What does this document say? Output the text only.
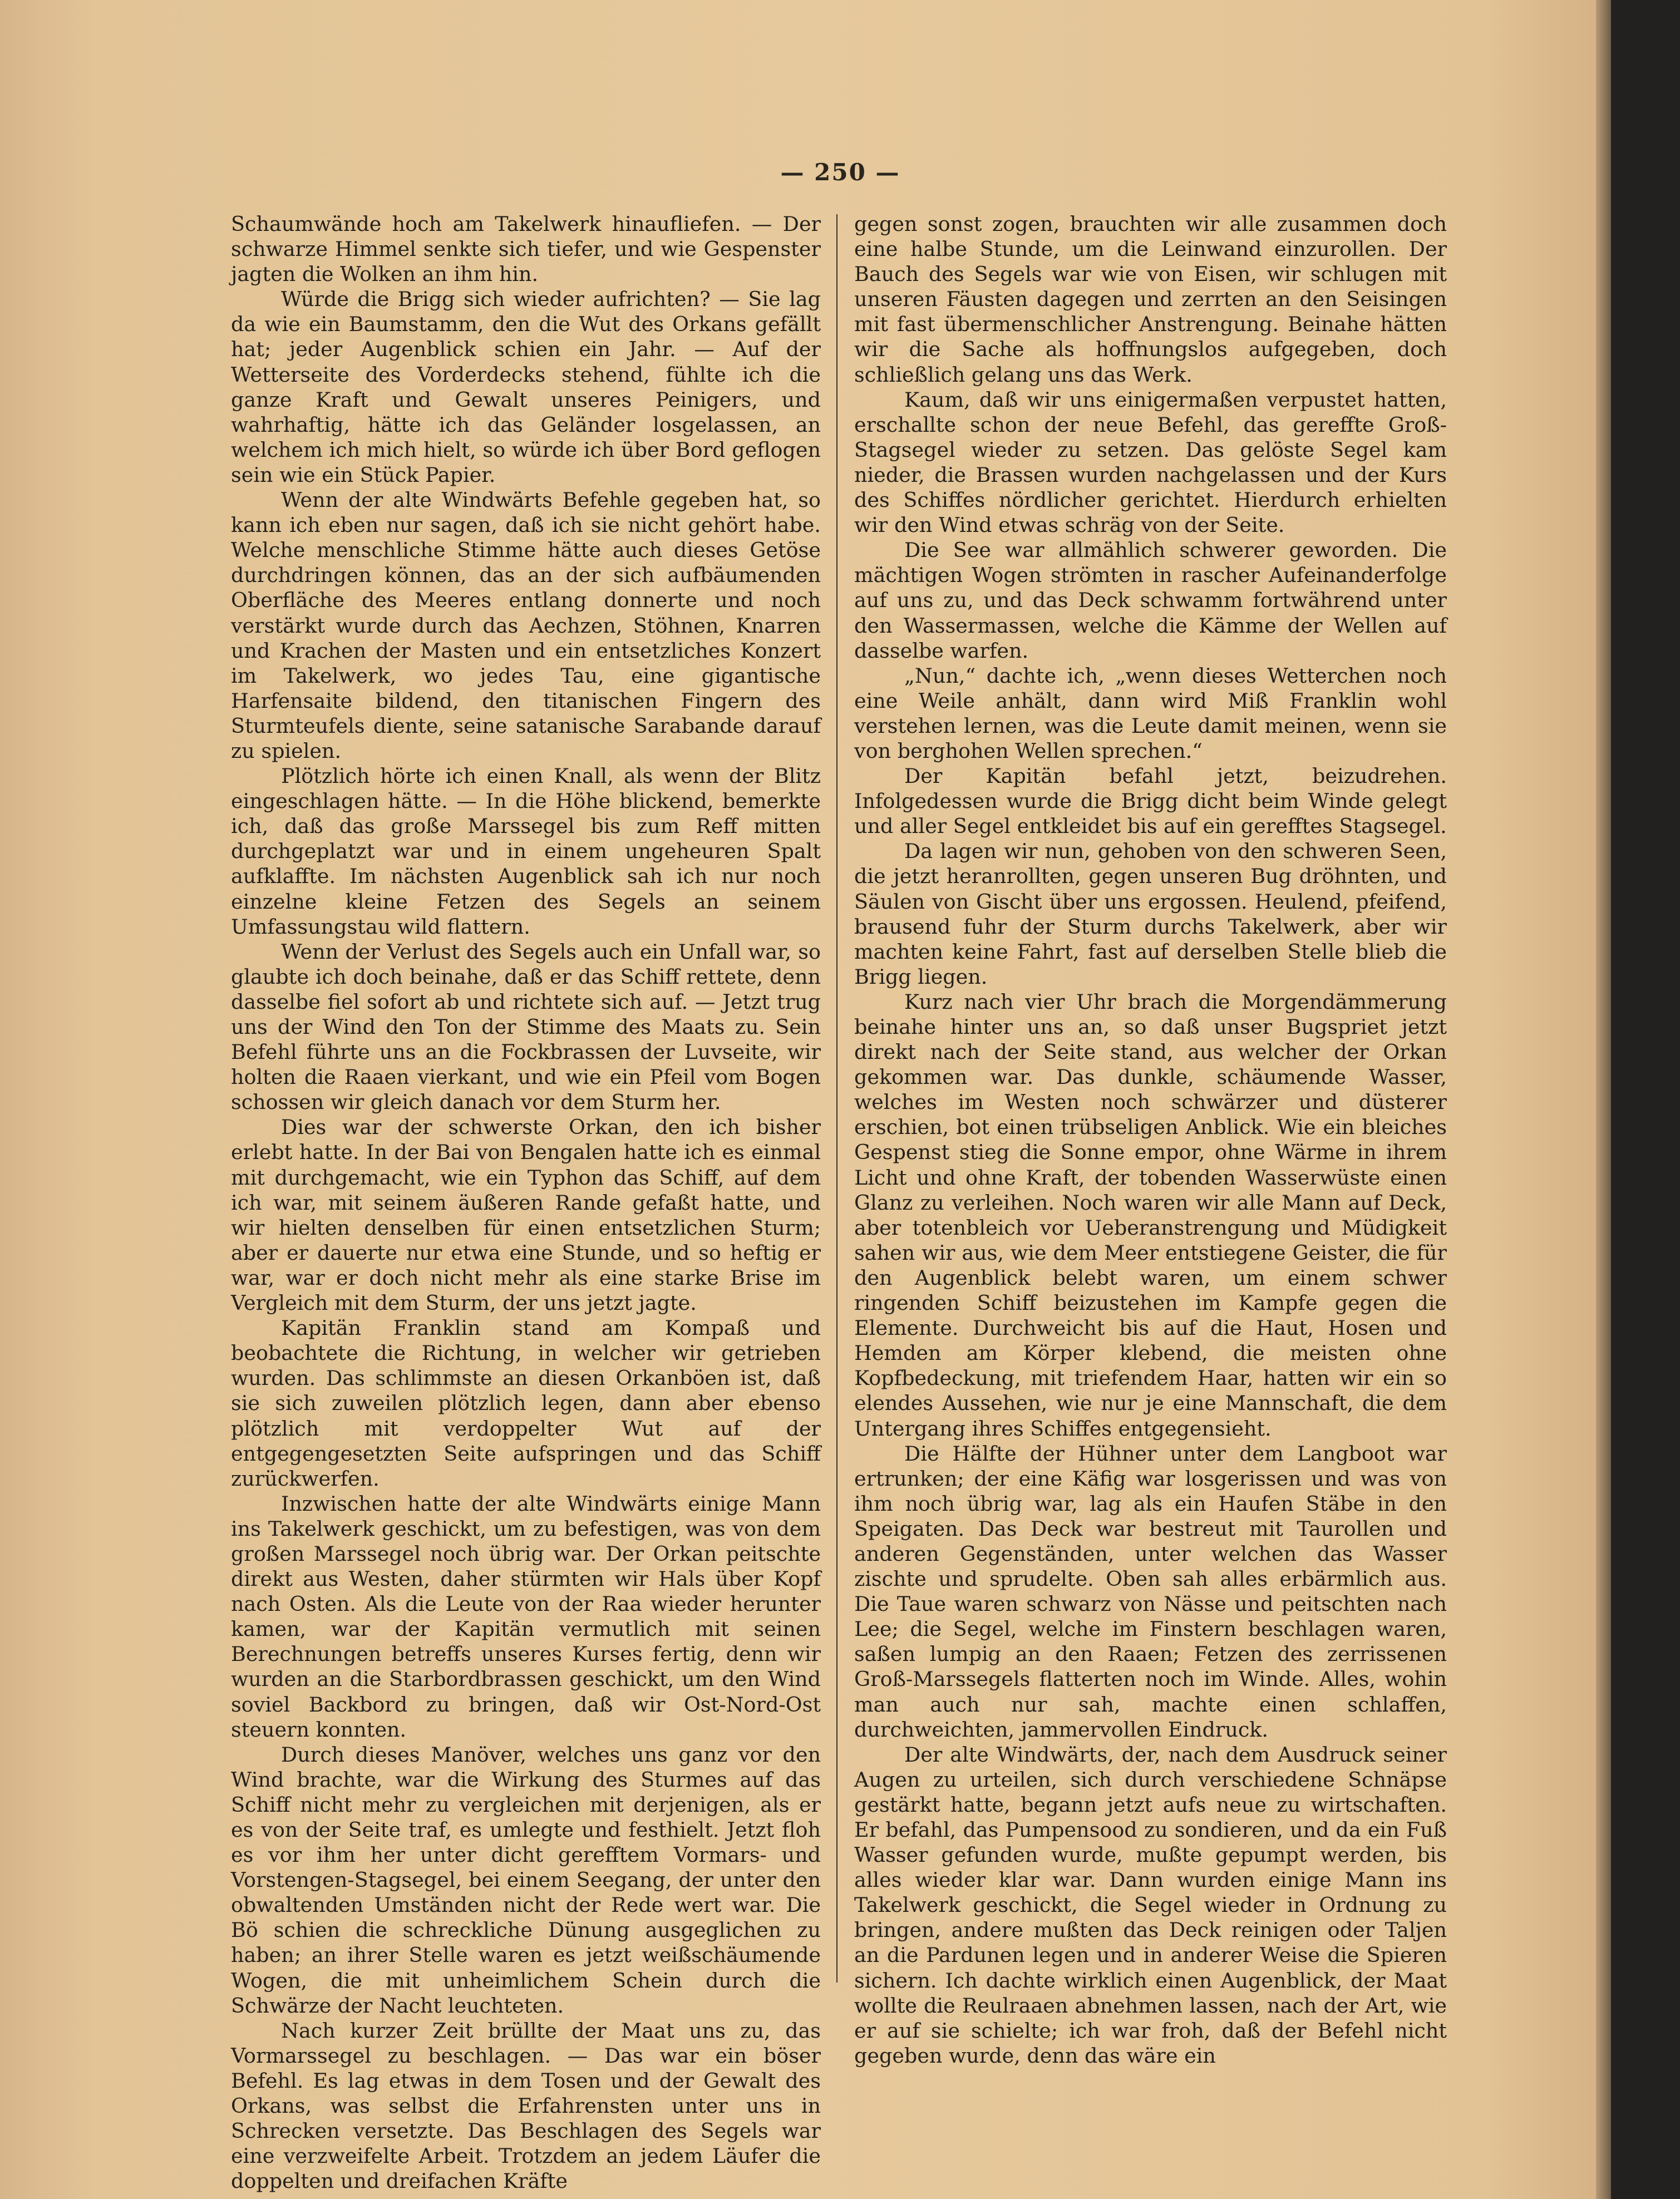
— 250 —

Schaumwände hoch am Takelwerk hinaufliefen. — Der schwarze Himmel senkte sich tiefer, und wie Gespenster jagten die Wolken an ihm hin.

Würde die Brigg sich wieder aufrichten? — Sie lag da wie ein Baumstamm, den die Wut des Orkans gefällt hat; jeder Augenblick schien ein Jahr. — Auf der Wetterseite des Vorderdecks stehend, fühlte ich die ganze Kraft und Gewalt unseres Peinigers, und wahrhaftig, hätte ich das Geländer losgelassen, an welchem ich mich hielt, so würde ich über Bord geflogen sein wie ein Stück Papier.

Wenn der alte Windwärts Befehle gegeben hat, so kann ich eben nur sagen, daß ich sie nicht gehört habe. Welche menschliche Stimme hätte auch dieses Getöse durchdringen können, das an der sich aufbäumenden Oberfläche des Meeres entlang donnerte und noch verstärkt wurde durch das Aechzen, Stöhnen, Knarren und Krachen der Masten und ein entsetzliches Konzert im Takelwerk, wo jedes Tau, eine gigantische Harfensaite bildend, den titanischen Fingern des Sturmteufels diente, seine satanische Sarabande darauf zu spielen.

Plötzlich hörte ich einen Knall, als wenn der Blitz eingeschlagen hätte. — In die Höhe blickend, bemerkte ich, daß das große Marssegel bis zum Reff mitten durchgeplatzt war und in einem ungeheuren Spalt aufklaffte. Im nächsten Augenblick sah ich nur noch einzelne kleine Fetzen des Segels an seinem Umfassungstau wild flattern.

Wenn der Verlust des Segels auch ein Unfall war, so glaubte ich doch beinahe, daß er das Schiff rettete, denn dasselbe fiel sofort ab und richtete sich auf. — Jetzt trug uns der Wind den Ton der Stimme des Maats zu. Sein Befehl führte uns an die Fockbrassen der Luvseite, wir holten die Raaen vierkant, und wie ein Pfeil vom Bogen schossen wir gleich danach vor dem Sturm her.

Dies war der schwerste Orkan, den ich bisher erlebt hatte. In der Bai von Bengalen hatte ich es einmal mit durchgemacht, wie ein Typhon das Schiff, auf dem ich war, mit seinem äußeren Rande gefaßt hatte, und wir hielten denselben für einen entsetzlichen Sturm; aber er dauerte nur etwa eine Stunde, und so heftig er war, war er doch nicht mehr als eine starke Brise im Vergleich mit dem Sturm, der uns jetzt jagte.

Kapitän Franklin stand am Kompaß und beobachtete die Richtung, in welcher wir getrieben wurden. Das schlimmste an diesen Orkanböen ist, daß sie sich zuweilen plötzlich legen, dann aber ebenso plötzlich mit verdoppelter Wut auf der entgegengesetzten Seite aufspringen und das Schiff zurückwerfen.

Inzwischen hatte der alte Windwärts einige Mann ins Takelwerk geschickt, um zu befestigen, was von dem großen Marssegel noch übrig war. Der Orkan peitschte direkt aus Westen, daher stürmten wir Hals über Kopf nach Osten. Als die Leute von der Raa wieder herunter kamen, war der Kapitän vermutlich mit seinen Berechnungen betreffs unseres Kurses fertig, denn wir wurden an die Starbordbrassen geschickt, um den Wind soviel Backbord zu bringen, daß wir Ost-Nord-Ost steuern konnten.

Durch dieses Manöver, welches uns ganz vor den Wind brachte, war die Wirkung des Sturmes auf das Schiff nicht mehr zu vergleichen mit derjenigen, als er es von der Seite traf, es umlegte und festhielt. Jetzt floh es vor ihm her unter dicht gerefftem Vormars- und Vorstengen-Stagsegel, bei einem Seegang, der unter den obwaltenden Umständen nicht der Rede wert war. Die Bö schien die schreckliche Dünung ausgeglichen zu haben; an ihrer Stelle waren es jetzt weißschäumende Wogen, die mit unheimlichem Schein durch die Schwärze der Nacht leuchteten.

Nach kurzer Zeit brüllte der Maat uns zu, das Vormarssegel zu beschlagen. — Das war ein böser Befehl. Es lag etwas in dem Tosen und der Gewalt des Orkans, was selbst die Erfahrensten unter uns in Schrecken versetzte. Das Beschlagen des Segels war eine verzweifelte Arbeit. Trotzdem an jedem Läufer die doppelten und dreifachen Kräfte

gegen sonst zogen, brauchten wir alle zusammen doch eine halbe Stunde, um die Leinwand einzurollen. Der Bauch des Segels war wie von Eisen, wir schlugen mit unseren Fäusten dagegen und zerrten an den Seisingen mit fast übermenschlicher Anstrengung. Beinahe hätten wir die Sache als hoffnungslos aufgegeben, doch schließlich gelang uns das Werk.

Kaum, daß wir uns einigermaßen verpustet hatten, erschallte schon der neue Befehl, das gereffte Groß-Stagsegel wieder zu setzen. Das gelöste Segel kam nieder, die Brassen wurden nachgelassen und der Kurs des Schiffes nördlicher gerichtet. Hierdurch erhielten wir den Wind etwas schräg von der Seite.

Die See war allmählich schwerer geworden. Die mächtigen Wogen strömten in rascher Aufeinanderfolge auf uns zu, und das Deck schwamm fortwährend unter den Wassermassen, welche die Kämme der Wellen auf dasselbe warfen.

„Nun,“ dachte ich, „wenn dieses Wetterchen noch eine Weile anhält, dann wird Miß Franklin wohl verstehen lernen, was die Leute damit meinen, wenn sie von berghohen Wellen sprechen.“

Der Kapitän befahl jetzt, beizudrehen. Infolgedessen wurde die Brigg dicht beim Winde gelegt und aller Segel entkleidet bis auf ein gerefftes Stagsegel.

Da lagen wir nun, gehoben von den schweren Seen, die jetzt heranrollten, gegen unseren Bug dröhnten, und Säulen von Gischt über uns ergossen. Heulend, pfeifend, brausend fuhr der Sturm durchs Takelwerk, aber wir machten keine Fahrt, fast auf derselben Stelle blieb die Brigg liegen.

Kurz nach vier Uhr brach die Morgendämmerung beinahe hinter uns an, so daß unser Bugspriet jetzt direkt nach der Seite stand, aus welcher der Orkan gekommen war. Das dunkle, schäumende Wasser, welches im Westen noch schwärzer und düsterer erschien, bot einen trübseligen Anblick. Wie ein bleiches Gespenst stieg die Sonne empor, ohne Wärme in ihrem Licht und ohne Kraft, der tobenden Wasserwüste einen Glanz zu verleihen. Noch waren wir alle Mann auf Deck, aber totenbleich vor Ueberanstrengung und Müdigkeit sahen wir aus, wie dem Meer entstiegene Geister, die für den Augenblick belebt waren, um einem schwer ringenden Schiff beizustehen im Kampfe gegen die Elemente. Durchweicht bis auf die Haut, Hosen und Hemden am Körper klebend, die meisten ohne Kopfbedeckung, mit triefendem Haar, hatten wir ein so elendes Aussehen, wie nur je eine Mannschaft, die dem Untergang ihres Schiffes entgegensieht.

Die Hälfte der Hühner unter dem Langboot war ertrunken; der eine Käfig war losgerissen und was von ihm noch übrig war, lag als ein Haufen Stäbe in den Speigaten. Das Deck war bestreut mit Taurollen und anderen Gegenständen, unter welchen das Wasser zischte und sprudelte. Oben sah alles erbärmlich aus. Die Taue waren schwarz von Nässe und peitschten nach Lee; die Segel, welche im Finstern beschlagen waren, saßen lumpig an den Raaen; Fetzen des zerrissenen Groß-Marssegels flatterten noch im Winde. Alles, wohin man auch nur sah, machte einen schlaffen, durchweichten, jammervollen Eindruck.

Der alte Windwärts, der, nach dem Ausdruck seiner Augen zu urteilen, sich durch verschiedene Schnäpse gestärkt hatte, begann jetzt aufs neue zu wirtschaften. Er befahl, das Pumpensood zu sondieren, und da ein Fuß Wasser gefunden wurde, mußte gepumpt werden, bis alles wieder klar war. Dann wurden einige Mann ins Takelwerk geschickt, die Segel wieder in Ordnung zu bringen, andere mußten das Deck reinigen oder Taljen an die Pardunen legen und in anderer Weise die Spieren sichern. Ich dachte wirklich einen Augenblick, der Maat wollte die Reulraaen abnehmen lassen, nach der Art, wie er auf sie schielte; ich war froh, daß der Befehl nicht gegeben wurde, denn das wäre ein
